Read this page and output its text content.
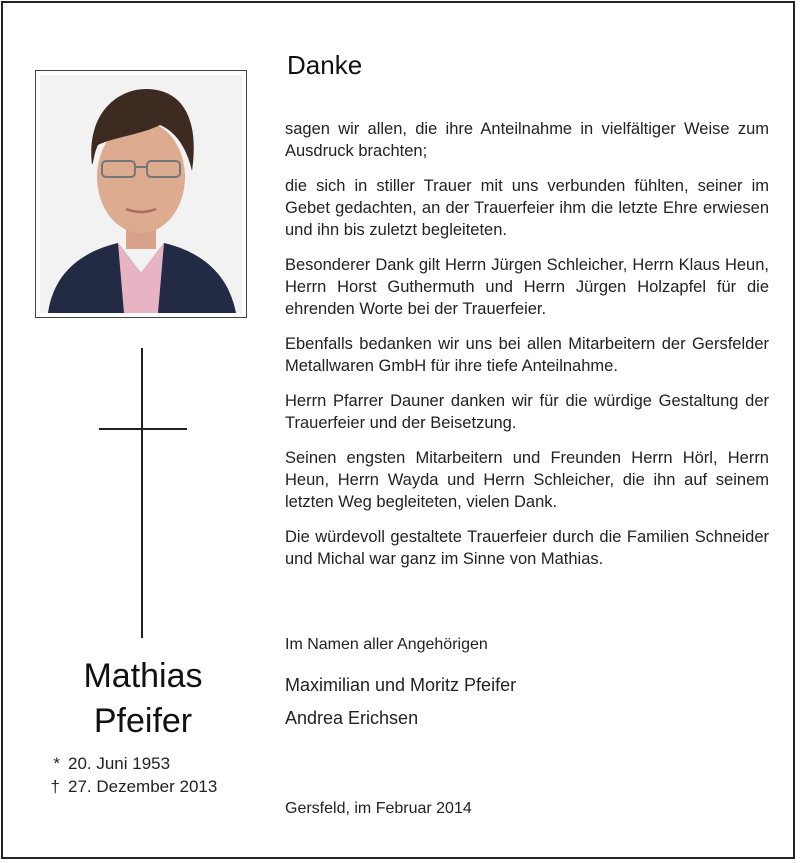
Mathias
Pfeifer
* 20. Juni 1953
† 27. Dezember 2013
Danke

sagen wir allen, die ihre Anteilnahme in vielfältiger Weise zum Ausdruck brachten;

die sich in stiller Trauer mit uns verbunden fühlten, seiner im Gebet gedachten, an der Trauerfeier ihm die letzte Ehre erwiesen und ihn bis zuletzt begleiteten.

Besonderer Dank gilt Herrn Jürgen Schleicher, Herrn Klaus Heun, Herrn Horst Guthermuth und Herrn Jürgen Holzapfel für die ehrenden Worte bei der Trauerfeier.

Ebenfalls bedanken wir uns bei allen Mitarbeitern der Gersfelder Metallwaren GmbH für ihre tiefe Anteilnahme.

Herrn Pfarrer Dauner danken wir für die würdige Gestaltung der Trauerfeier und der Beisetzung.

Seinen engsten Mitarbeitern und Freunden Herrn Hörl, Herrn Heun, Herrn Wayda und Herrn Schleicher, die ihn auf seinem letzten Weg begleiteten, vielen Dank.

Die würdevoll gestaltete Trauerfeier durch die Familien Schneider und Michal war ganz im Sinne von Mathias.

Im Namen aller Angehörigen
Maximilian und Moritz Pfeifer
Andrea Erichsen
Gersfeld, im Februar 2014
